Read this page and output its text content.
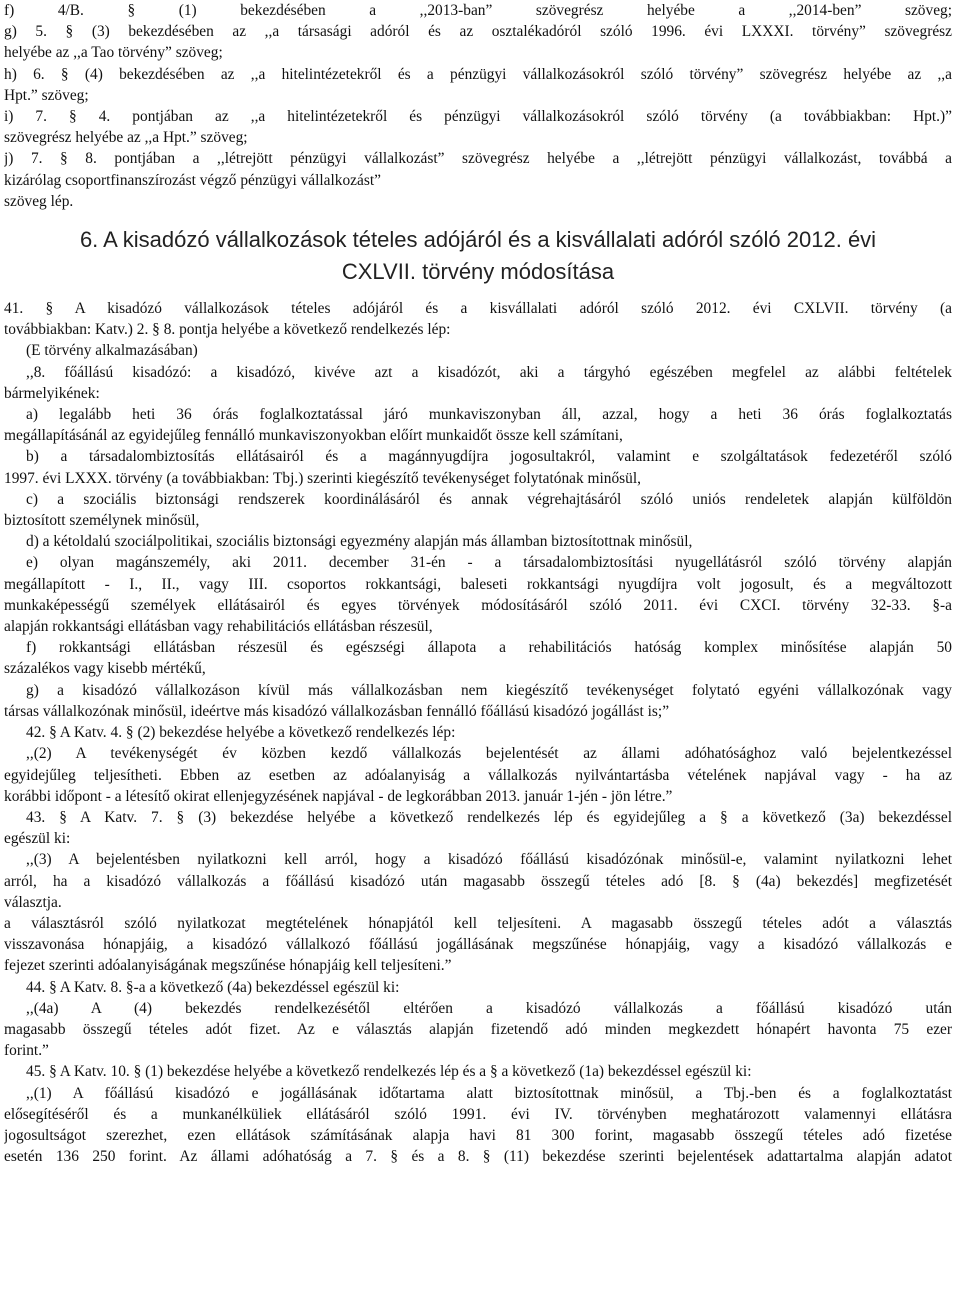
f) 4/B. § (1) bekezdésében a ,,2013-ban” szövegrész helyébe a ,,2014-ben” szöveg;
g) 5. § (3) bekezdésében az ,,a társasági adóról és az osztalékadóról szóló 1996. évi LXXXI. törvény” szövegrész
helyébe az ,,a Tao törvény” szöveg;
h) 6. § (4) bekezdésében az ,,a hitelintézetekről és a pénzügyi vállalkozásokról szóló törvény” szövegrész helyébe az ,,a
Hpt.” szöveg;
i) 7. § 4. pontjában az ,,a hitelintézetekről és pénzügyi vállalkozásokról szóló törvény (a továbbiakban: Hpt.)”
szövegrész helyébe az ,,a Hpt.” szöveg;
j) 7. § 8. pontjában a ,,létrejött pénzügyi vállalkozást” szövegrész helyébe a ,,létrejött pénzügyi vállalkozást, továbbá a
kizárólag csoportfinanszírozást végző pénzügyi vállalkozást”
szöveg lép.
6. A kisadózó vállalkozások tételes adójáról és a kisvállalati adóról szóló 2012. évi
CXLVII. törvény módosítása
41. § A kisadózó vállalkozások tételes adójáról és a kisvállalati adóról szóló 2012. évi CXLVII. törvény (a
továbbiakban: Katv.) 2. § 8. pontja helyébe a következő rendelkezés lép:
(E törvény alkalmazásában)
,,8. főállású kisadózó: a kisadózó, kivéve azt a kisadózót, aki a tárgyhó egészében megfelel az alábbi feltételek
bármelyikének:
a) legalább heti 36 órás foglalkoztatással járó munkaviszonyban áll, azzal, hogy a heti 36 órás foglalkoztatás
megállapításánál az egyidejűleg fennálló munkaviszonyokban előírt munkaidőt össze kell számítani,
b) a társadalombiztosítás ellátásairól és a magánnyugdíjra jogosultakról, valamint e szolgáltatások fedezetéről szóló
1997. évi LXXX. törvény (a továbbiakban: Tbj.) szerinti kiegészítő tevékenységet folytatónak minősül,
c) a szociális biztonsági rendszerek koordinálásáról és annak végrehajtásáról szóló uniós rendeletek alapján külföldön
biztosított személynek minősül,
d) a kétoldalú szociálpolitikai, szociális biztonsági egyezmény alapján más államban biztosítottnak minősül,
e) olyan magánszemély, aki 2011. december 31-én - a társadalombiztosítási nyugellátásról szóló törvény alapján
megállapított - I., II., vagy III. csoportos rokkantsági, baleseti rokkantsági nyugdíjra volt jogosult, és a megváltozott
munkaképességű személyek ellátásairól és egyes törvények módosításáról szóló 2011. évi CXCI. törvény 32-33. §-a
alapján rokkantsági ellátásban vagy rehabilitációs ellátásban részesül,
f) rokkantsági ellátásban részesül és egészségi állapota a rehabilitációs hatóság komplex minősítése alapján 50
százalékos vagy kisebb mértékű,
g) a kisadózó vállalkozáson kívül más vállalkozásban nem kiegészítő tevékenységet folytató egyéni vállalkozónak vagy
társas vállalkozónak minősül, ideértve más kisadózó vállalkozásban fennálló főállású kisadózó jogállást is;”
42. § A Katv. 4. § (2) bekezdése helyébe a következő rendelkezés lép:
,,(2) A tevékenységét év közben kezdő vállalkozás bejelentését az állami adóhatósághoz való bejelentkezéssel
egyidejűleg teljesítheti. Ebben az esetben az adóalanyiság a vállalkozás nyilvántartásba vételének napjával vagy - ha az
korábbi időpont - a létesítő okirat ellenjegyzésének napjával - de legkorábban 2013. január 1-jén - jön létre.”
43. § A Katv. 7. § (3) bekezdése helyébe a következő rendelkezés lép és egyidejűleg a § a következő (3a) bekezdéssel
egészül ki:
,,(3) A bejelentésben nyilatkozni kell arról, hogy a kisadózó főállású kisadózónak minősül-e, valamint nyilatkozni lehet
arról, ha a kisadózó vállalkozás a főállású kisadózó után magasabb összegű tételes adó [8. § (4a) bekezdés] megfizetését
választja.
a választásról szóló nyilatkozat megtételének hónapjától kell teljesíteni. A magasabb összegű tételes adót a választás
visszavonása hónapjáig, a kisadózó vállalkozó főállású jogállásának megszűnése hónapjáig, vagy a kisadózó vállalkozás e
fejezet szerinti adóalanyiságának megszűnése hónapjáig kell teljesíteni.”
44. § A Katv. 8. §-a a következő (4a) bekezdéssel egészül ki:
,,(4a) A (4) bekezdés rendelkezésétől eltérően a kisadózó vállalkozás a főállású kisadózó után
magasabb összegű tételes adót fizet. Az e választás alapján fizetendő adó minden megkezdett hónapért havonta 75 ezer
forint.”
45. § A Katv. 10. § (1) bekezdése helyébe a következő rendelkezés lép és a § a következő (1a) bekezdéssel egészül ki:
,,(1) A főállású kisadózó e jogállásának időtartama alatt biztosítottnak minősül, a Tbj.-ben és a foglalkoztatást
elősegítéséről és a munkanélküliek ellátásáról szóló 1991. évi IV. törvényben meghatározott valamennyi ellátásra
jogosultságot szerezhet, ezen ellátások számításának alapja havi 81 300 forint, magasabb összegű tételes adó fizetése
esetén 136 250 forint. Az állami adóhatóság a 7. § és a 8. § (11) bekezdése szerinti bejelentések adattartalma alapján adatot
